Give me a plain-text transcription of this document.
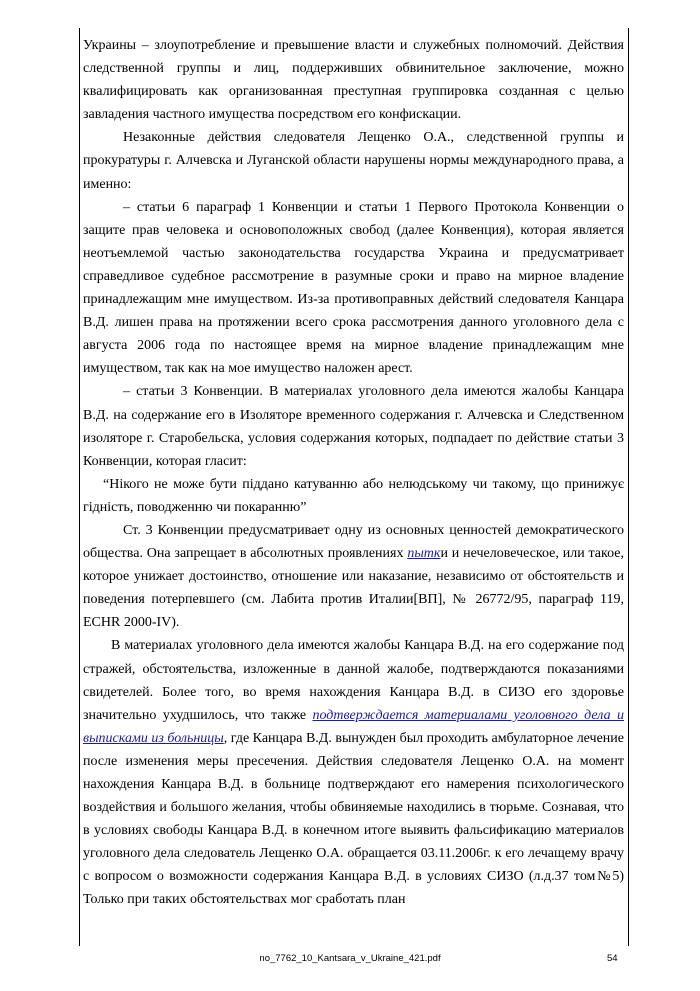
Украины – злоупотребление и превышение власти и служебных полномочий. Действия следственной группы и лиц, поддерживших обвинительное заключение, можно квалифицировать как организованная преступная группировка созданная с целью завладения частного имущества посредством его конфискации.

Незаконные действия следователя Лещенко О.А., следственной группы и прокуратуры г. Алчевска и Луганской области нарушены нормы международного права, а именно:

– статьи 6 параграф 1 Конвенции и статьи 1 Первого Протокола Конвенции о защите прав человека и основоположных свобод (далее Конвенция), которая является неотъемлемой частью законодательства государства Украина и предусматривает справедливое судебное рассмотрение в разумные сроки и право на мирное владение принадлежащим мне имуществом. Из-за противоправных действий следователя Канцара В.Д. лишен права на протяжении всего срока рассмотрения данного уголовного дела с августа 2006 года по настоящее время на мирное владение принадлежащим мне имуществом, так как на мое имущество наложен арест.

– статьи 3 Конвенции. В материалах уголовного дела имеются жалобы Канцара В.Д. на содержание его в Изоляторе временного содержания г. Алчевска и Следственном изоляторе г. Старобельска, условия содержания которых, подпадает по действие статьи 3 Конвенции, которая гласит:

“Нікого не може бути піддано катуванню або нелюдському чи такому, що принижує гідність, поводженню чи покаранню”

Ст. 3 Конвенции предусматривает одну из основных ценностей демократического общества. Она запрещает в абсолютных проявлениях пытки и нечеловеческое, или такое, которое унижает достоинство, отношение или наказание, независимо от обстоятельств и поведения потерпевшего (см. Лабита против Италии[ВП], № 26772/95, параграф 119, ECHR 2000-IV).

В материалах уголовного дела имеются жалобы Канцара В.Д. на его содержание под стражей, обстоятельства, изложенные в данной жалобе, подтверждаются показаниями свидетелей. Более того, во время нахождения Канцара В.Д. в СИЗО его здоровье значительно ухудшилось, что также подтверждается материалами уголовного дела и выписками из больницы, где Канцара В.Д. вынужден был проходить амбулаторное лечение после изменения меры пресечения. Действия следователя Лещенко О.А. на момент нахождения Канцара В.Д. в больнице подтверждают его намерения психологического воздействия и большого желания, чтобы обвиняемые находились в тюрьме. Сознавая, что в условиях свободы Канцара В.Д. в конечном итоге выявить фальсификацию материалов уголовного дела следователь Лещенко О.А. обращается 03.11.2006г. к его лечащему врачу с вопросом о возможности содержания Канцара В.Д. в условиях СИЗО (л.д.37 том№5) Только при таких обстоятельствах мог сработать план

no_7762_10_Kantsara_v_Ukraine_421.pdf	54
